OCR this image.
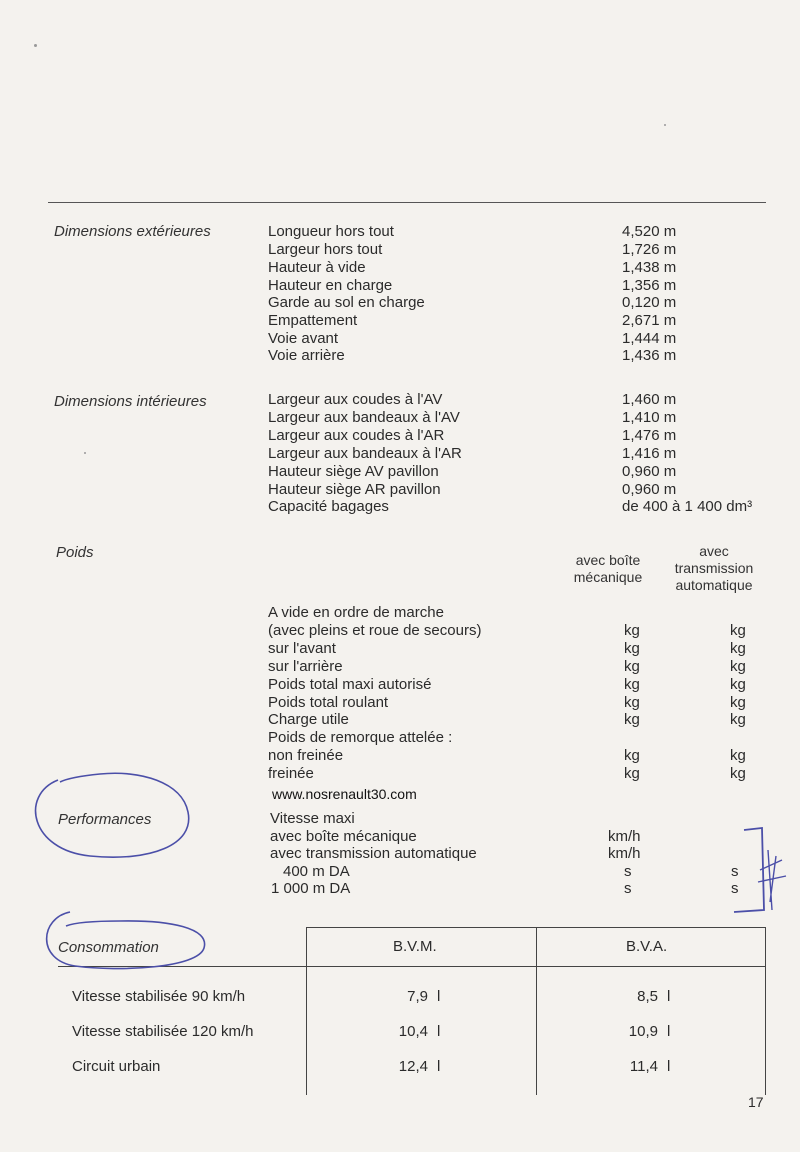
Dimensions extérieures	Longueur hors tout	4,520 m
Largeur hors tout	1,726 m
Hauteur à vide	1,438 m
Hauteur en charge	1,356 m
Garde au sol en charge	0,120 m
Empattement	2,671 m
Voie avant	1,444 m
Voie arrière	1,436 m
Dimensions intérieures	Largeur aux coudes à l'AV	1,460 m
Largeur aux bandeaux à l'AV	1,410 m
Largeur aux coudes à l'AR	1,476 m
Largeur aux bandeaux à l'AR	1,416 m
Hauteur siège AV pavillon	0,960 m
Hauteur siège AR pavillon	0,960 m
Capacité bagages	de 400 à 1 400 dm³
Poids	avec boîte
mécanique
avec
transmission
automatique
A vide en ordre de marche
(avec pleins et roue de secours)	kg	kg
sur l'avant	kg	kg
sur l'arrière	kg	kg
Poids total maxi autorisé	kg	kg
Poids total roulant	kg	kg
Charge utile	kg	kg
Poids de remorque attelée :
non freinée	kg	kg
freinée	kg	kg
www.nosrenault30.com
Performances	Vitesse maxi
avec boîte mécanique	km/h
avec transmission automatique	km/h
400 m DA	s	s
1 000 m DA	s	s
Consommation	B.V.M.	B.V.A.
Vitesse stabilisée 90 km/h	7,9 l	8,5 l
Vitesse stabilisée 120 km/h	10,4 l	10,9 l
Circuit urbain	12,4 l	11,4 l
17
